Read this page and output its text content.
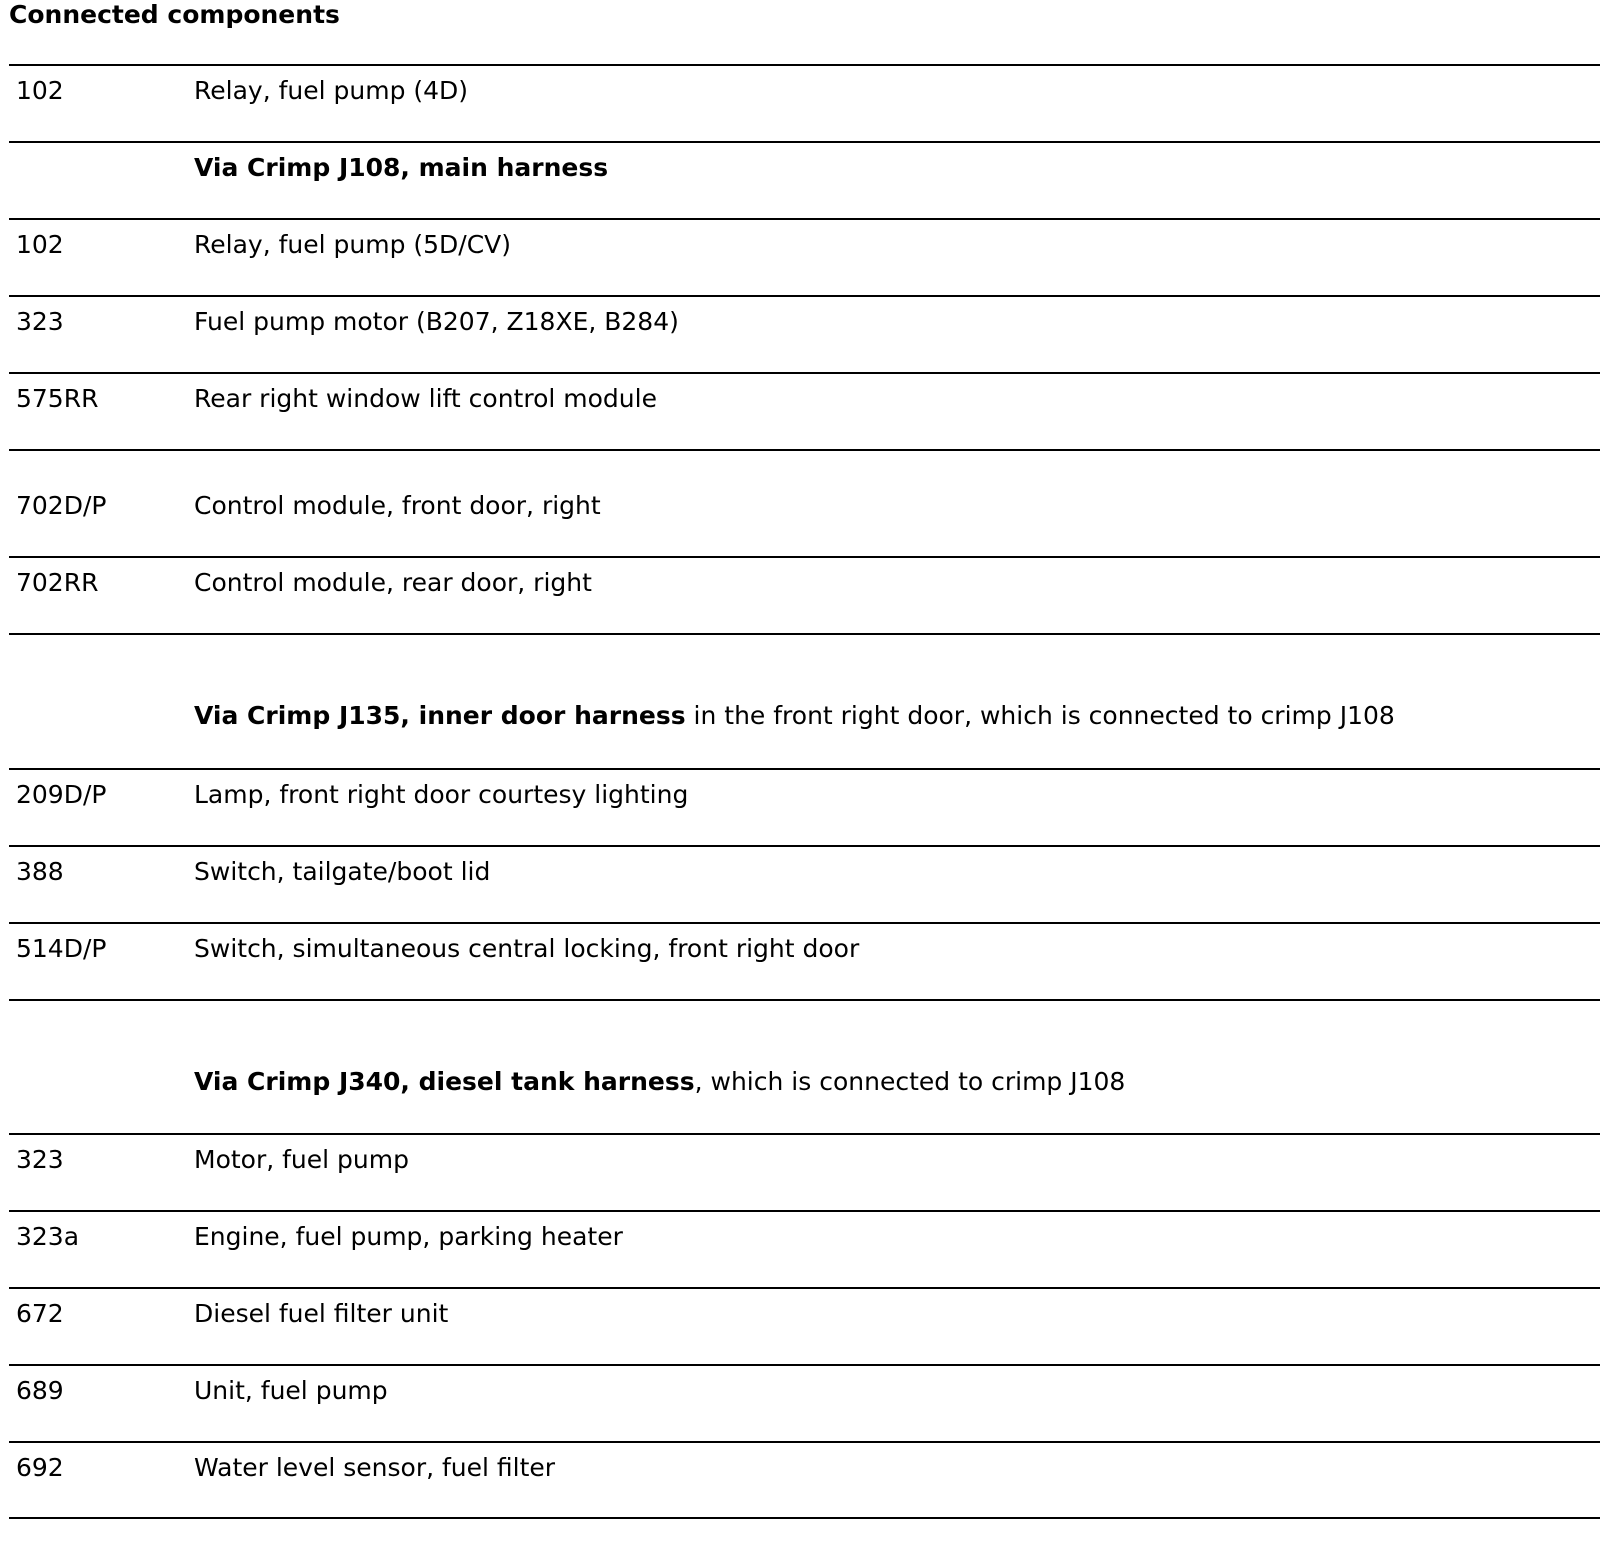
Connected components
102	Relay, fuel pump (4D)
Via Crimp J108, main harness
102	Relay, fuel pump (5D/CV)
323	Fuel pump motor (B207, Z18XE, B284)
575RR	Rear right window lift control module
702D/P	Control module, front door, right
702RR	Control module, rear door, right
Via Crimp J135, inner door harness in the front right door, which is connected to crimp J108
209D/P	Lamp, front right door courtesy lighting
388	Switch, tailgate/boot lid
514D/P	Switch, simultaneous central locking, front right door
Via Crimp J340, diesel tank harness, which is connected to crimp J108
323	Motor, fuel pump
323a	Engine, fuel pump, parking heater
672	Diesel fuel filter unit
689	Unit, fuel pump
692	Water level sensor, fuel filter
